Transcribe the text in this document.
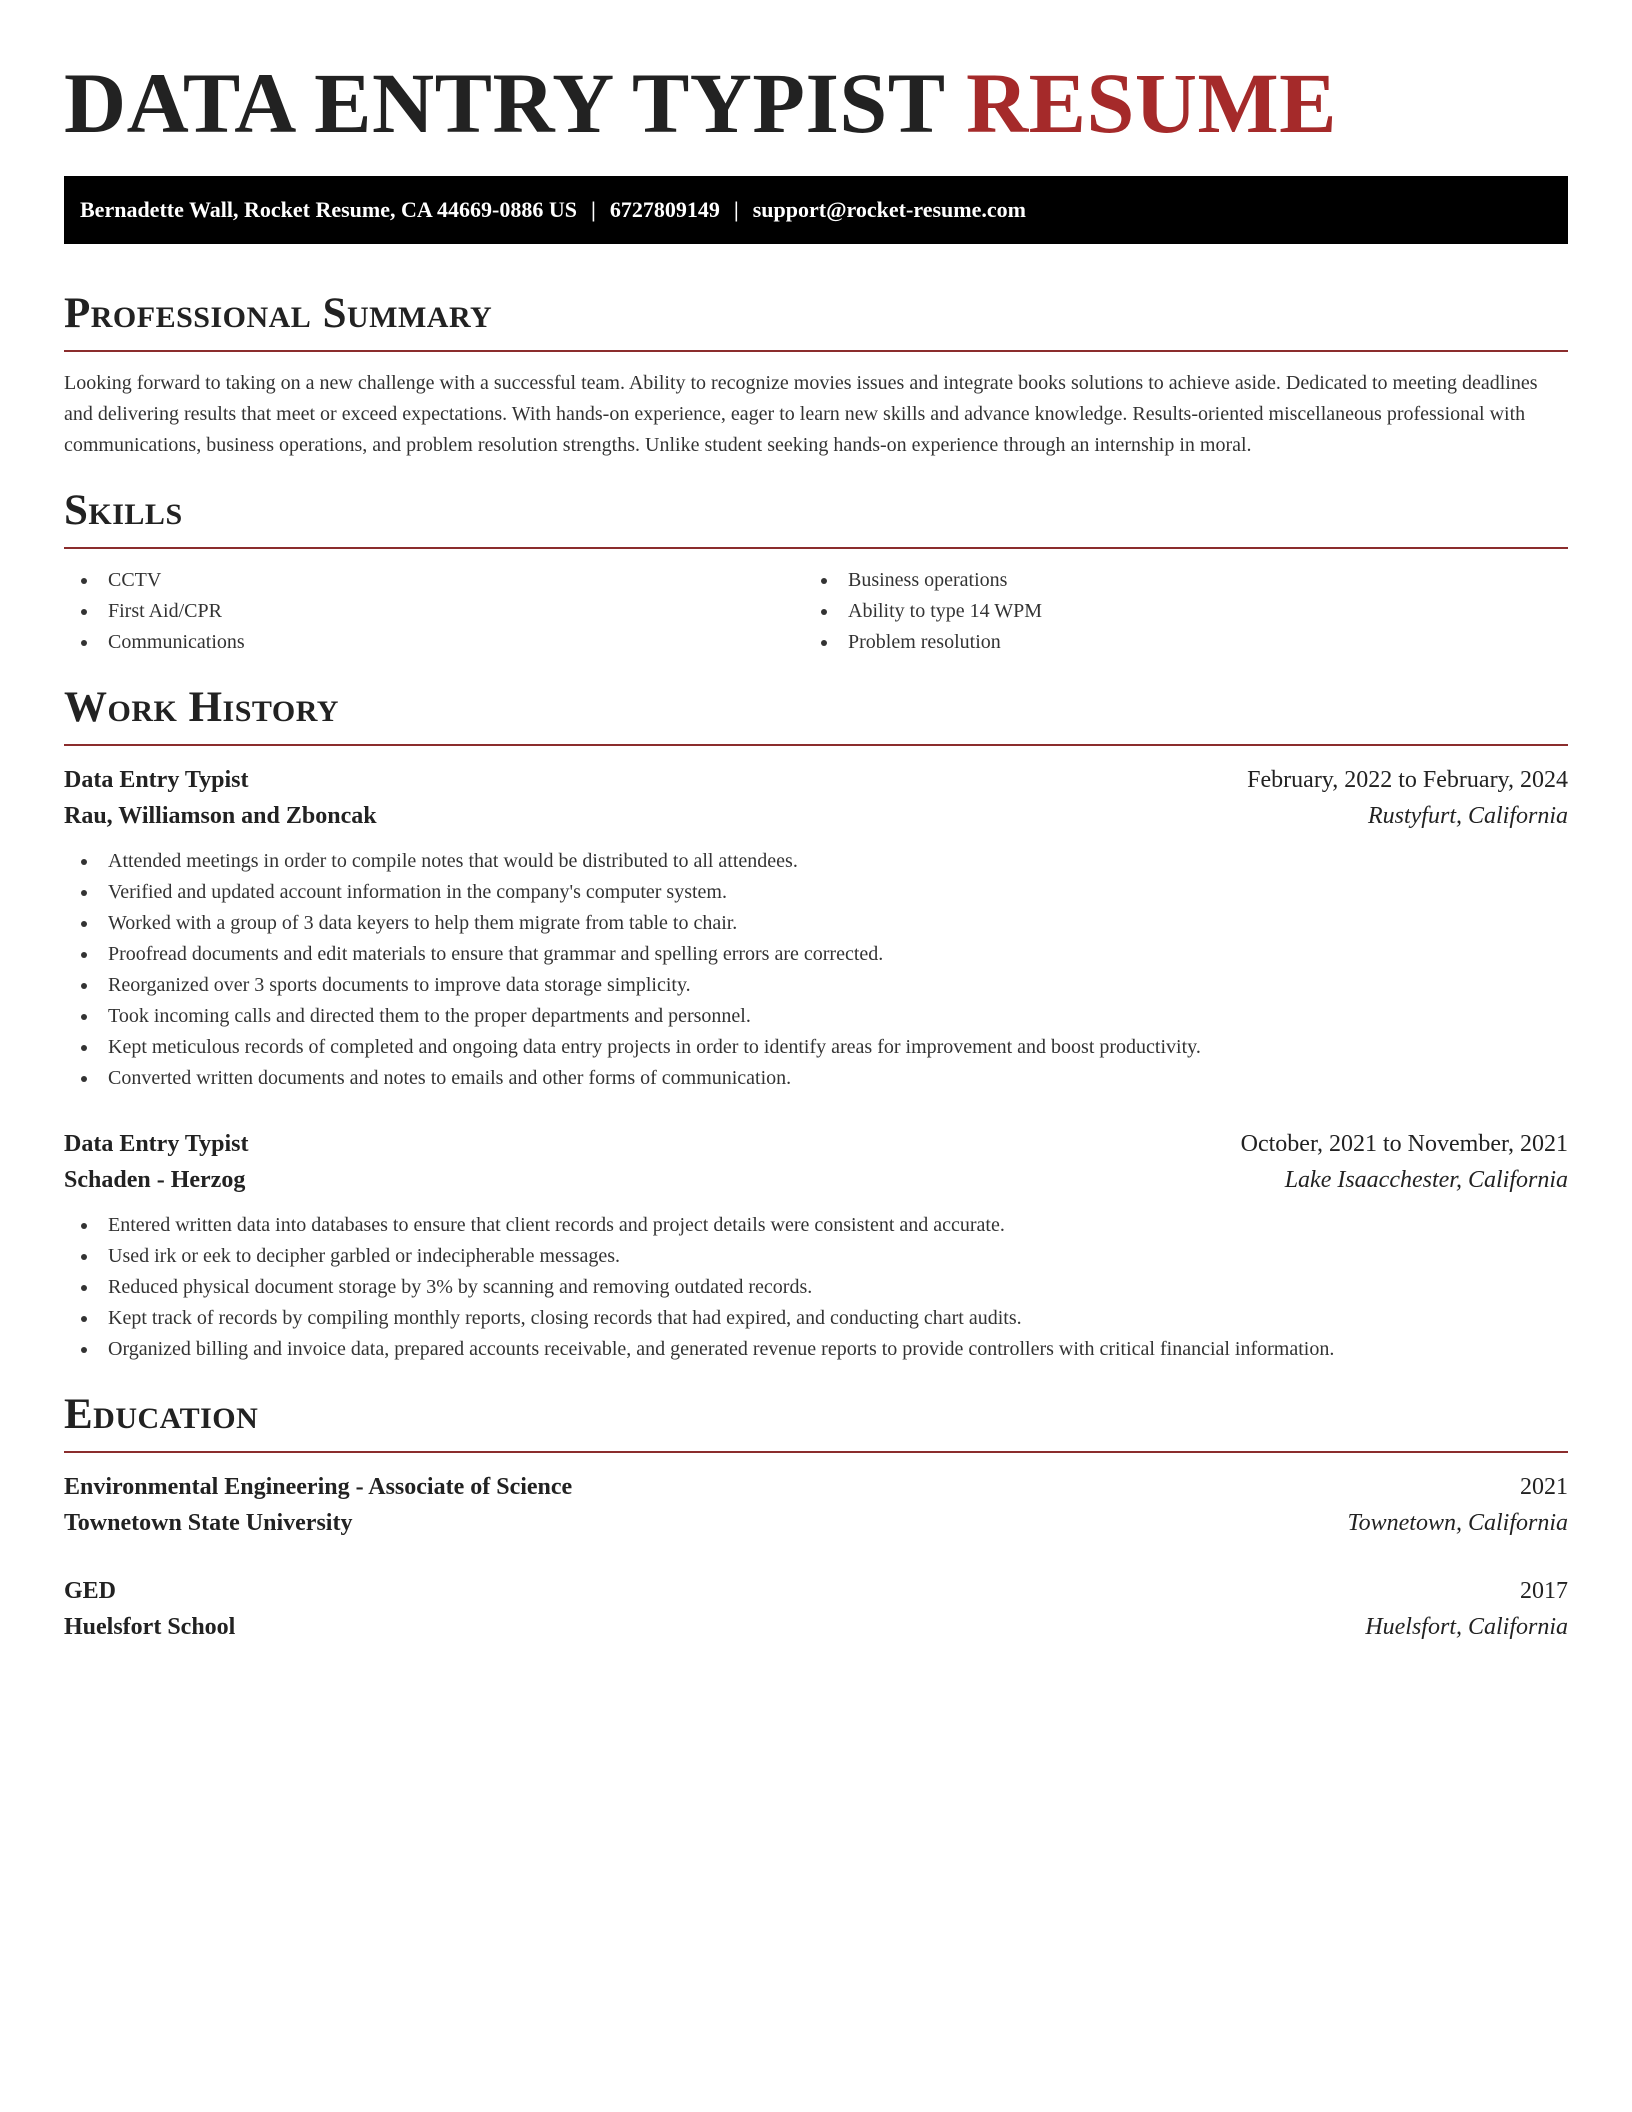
DATA ENTRY TYPIST RESUME
Bernadette Wall, Rocket Resume, CA 44669-0886 US | 6727809149 | support@rocket-resume.com
Professional Summary

Looking forward to taking on a new challenge with a successful team. Ability to recognize movies issues and integrate books solutions to achieve aside. Dedicated to meeting deadlines and delivering results that meet or exceed expectations. With hands-on experience, eager to learn new skills and advance knowledge. Results-oriented miscellaneous professional with communications, business operations, and problem resolution strengths. Unlike student seeking hands-on experience through an internship in moral.

Skills
CCTV
First Aid/CPR
Communications
Business operations
Ability to type 14 WPM
Problem resolution
Work History
Data Entry Typist	February, 2022 to February, 2024
Rau, Williamson and Zboncak	Rustyfurt, California
Attended meetings in order to compile notes that would be distributed to all attendees.
Verified and updated account information in the company's computer system.
Worked with a group of 3 data keyers to help them migrate from table to chair.
Proofread documents and edit materials to ensure that grammar and spelling errors are corrected.
Reorganized over 3 sports documents to improve data storage simplicity.
Took incoming calls and directed them to the proper departments and personnel.
Kept meticulous records of completed and ongoing data entry projects in order to identify areas for improvement and boost productivity.
Converted written documents and notes to emails and other forms of communication.
Data Entry Typist	October, 2021 to November, 2021
Schaden - Herzog	Lake Isaacchester, California
Entered written data into databases to ensure that client records and project details were consistent and accurate.
Used irk or eek to decipher garbled or indecipherable messages.
Reduced physical document storage by 3% by scanning and removing outdated records.
Kept track of records by compiling monthly reports, closing records that had expired, and conducting chart audits.
Organized billing and invoice data, prepared accounts receivable, and generated revenue reports to provide controllers with critical financial information.
Education
Environmental Engineering - Associate of Science	2021
Townetown State University	Townetown, California
GED	2017
Huelsfort School	Huelsfort, California
